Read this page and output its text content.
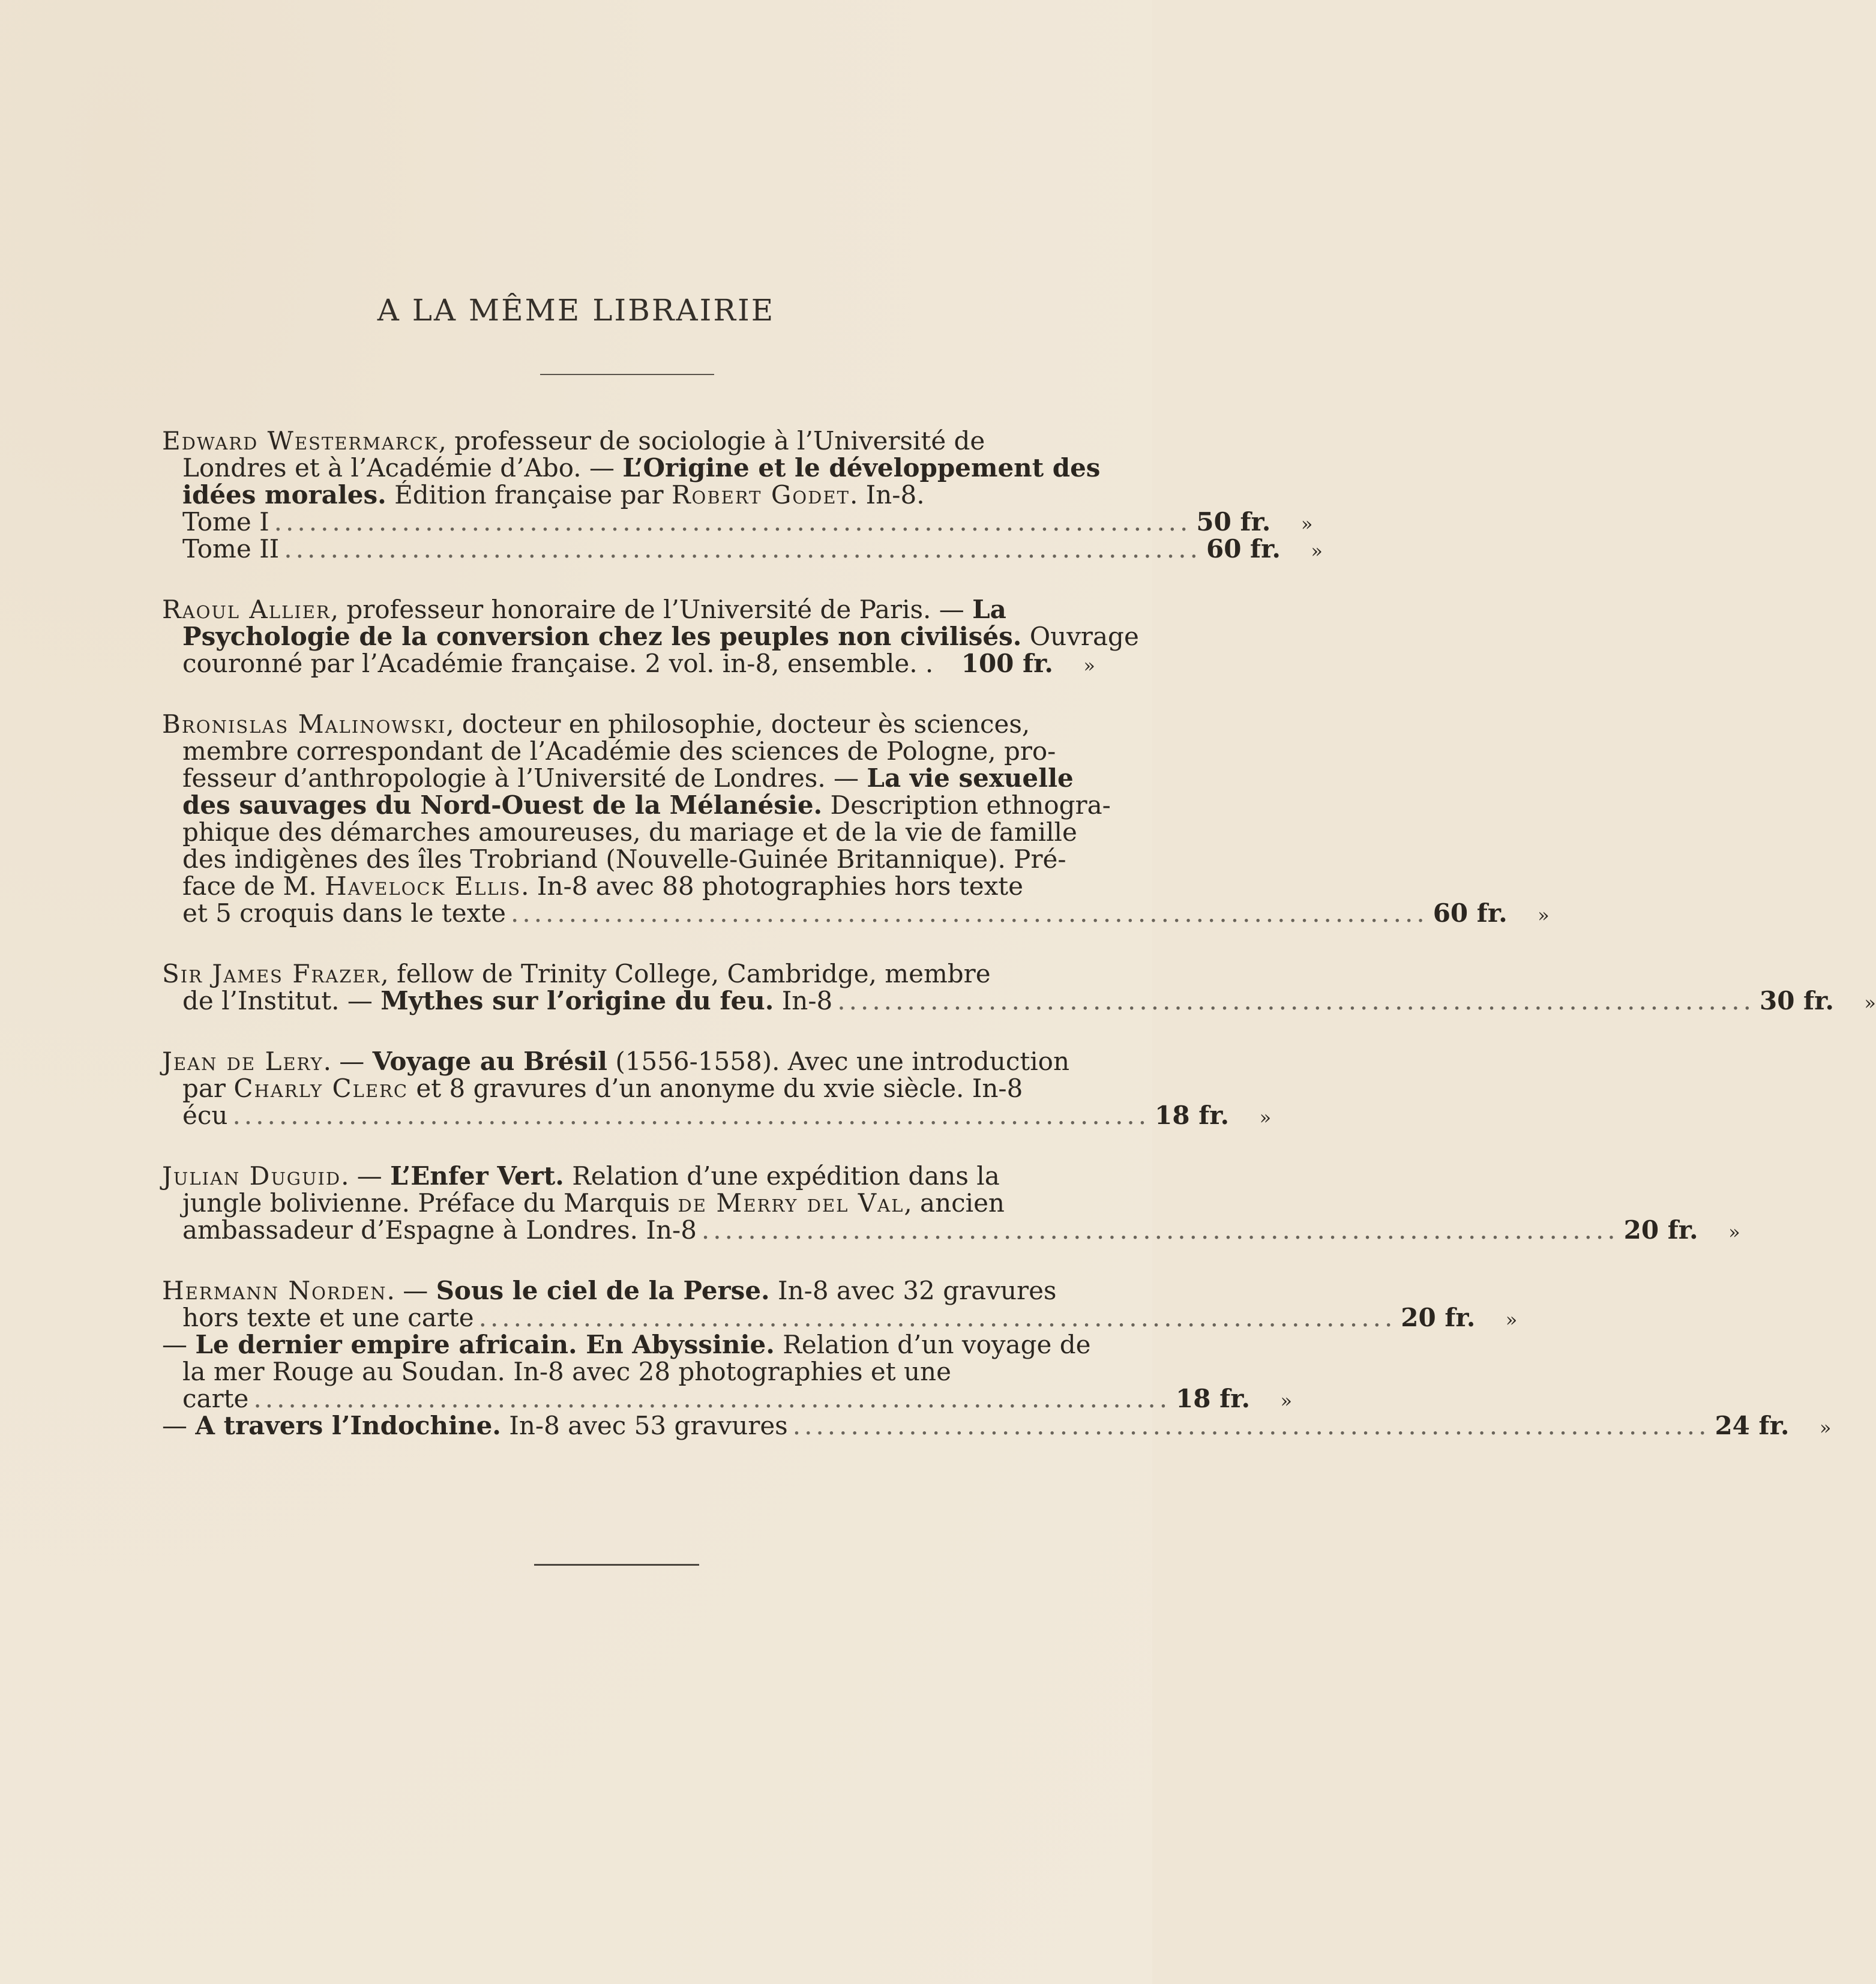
A LA MÊME LIBRAIRIE
Edward Westermarck, professeur de sociologie à l’Université de
Londres et à l’Académie d’Abo. — L’Origine et le développement des
idées morales. Édition française par Robert Godet. In-8.
Tome I ............................................................................... 50 fr.	»
Tome II ............................................................................... 60 fr.	»
Raoul Allier, professeur honoraire de l’Université de Paris. — La
Psychologie de la conversion chez les peuples non civilisés. Ouvrage
couronné par l’Académie française. 2 vol. in-8, ensemble. . 100 fr.	»
Bronislas Malinowski, docteur en philosophie, docteur ès sciences,
membre correspondant de l’Académie des sciences de Pologne, pro-
fesseur d’anthropologie à l’Université de Londres. — La vie sexuelle
des sauvages du Nord-Ouest de la Mélanésie. Description ethnogra-
phique des démarches amoureuses, du mariage et de la vie de famille
des indigènes des îles Trobriand (Nouvelle-Guinée Britannique). Pré-
face de M. Havelock Ellis. In-8 avec 88 photographies hors texte
et 5 croquis dans le texte ............................................................................... 60 fr.	»
Sir James Frazer, fellow de Trinity College, Cambridge, membre
de l’Institut. — Mythes sur l’origine du feu. In-8 ............................................................................... 30 fr.	»
Jean de Lery. — Voyage au Brésil (1556-1558). Avec une introduction
par Charly Clerc et 8 gravures d’un anonyme du xvie siècle. In-8
écu ............................................................................... 18 fr.	»
Julian Duguid. — L’Enfer Vert. Relation d’une expédition dans la
jungle bolivienne. Préface du Marquis de Merry del Val, ancien
ambassadeur d’Espagne à Londres. In-8 ............................................................................... 20 fr.	»
Hermann Norden. — Sous le ciel de la Perse. In-8 avec 32 gravures
hors texte et une carte ............................................................................... 20 fr.	»
— Le dernier empire africain. En Abyssinie. Relation d’un voyage de
la mer Rouge au Soudan. In-8 avec 28 photographies et une
carte ............................................................................... 18 fr.	»
— A travers l’Indochine. In-8 avec 53 gravures ............................................................................... 24 fr.	»
